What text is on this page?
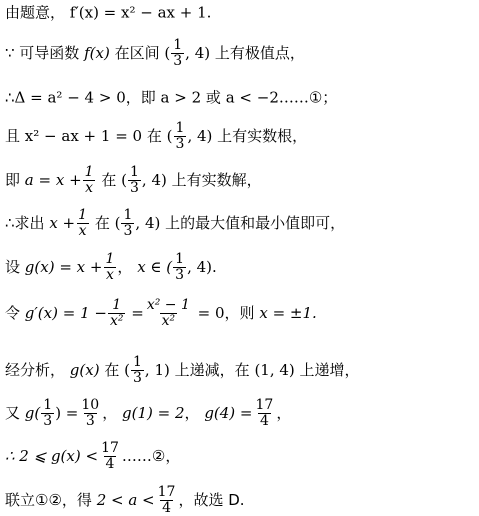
由题意， f′(x) = x² − ax + 1.
∵ 可导函数 f(x) 在区间 ( $\frac{1}{3}$ , 4) 上有极值点，
∴Δ = a² − 4 > 0，即 a > 2 或 a < −2……①；
且 x² − ax + 1 = 0 在 ( $\frac{1}{3}$ , 4) 上有实数根，
即 $a = x + \frac{1}{x}$ 在 ( $\frac{1}{3}$ , 4) 上有实数解，
∴求出 $x + \frac{1}{x}$ 在 ( $\frac{1}{3}$ , 4) 上的最大值和最小值即可，
设 $g(x) = x + \frac{1}{x}$ ， x ∈ ( $\frac{1}{3}$ , 4).
令 $g'(x) = 1 - \frac{1}{\text{x²}} = \frac{\text{x² − 1}}{\text{x²}} = 0$，则 x = ±1.
经分析， g(x) 在 ( $\frac{1}{3}$ , 1) 上递减，在 (1, 4) 上递增，
又 $g( \frac{1}{3}$ ) = $\frac{10}{3}$ ， g(1) = 2， $g(4) = \frac{17}{4}$ ，
∴ 2 ⩽ $g(x) < \frac{17}{4}$ ……②，
联立①②，得 $2 < a < \frac{17}{4}$ ，故选 D.
